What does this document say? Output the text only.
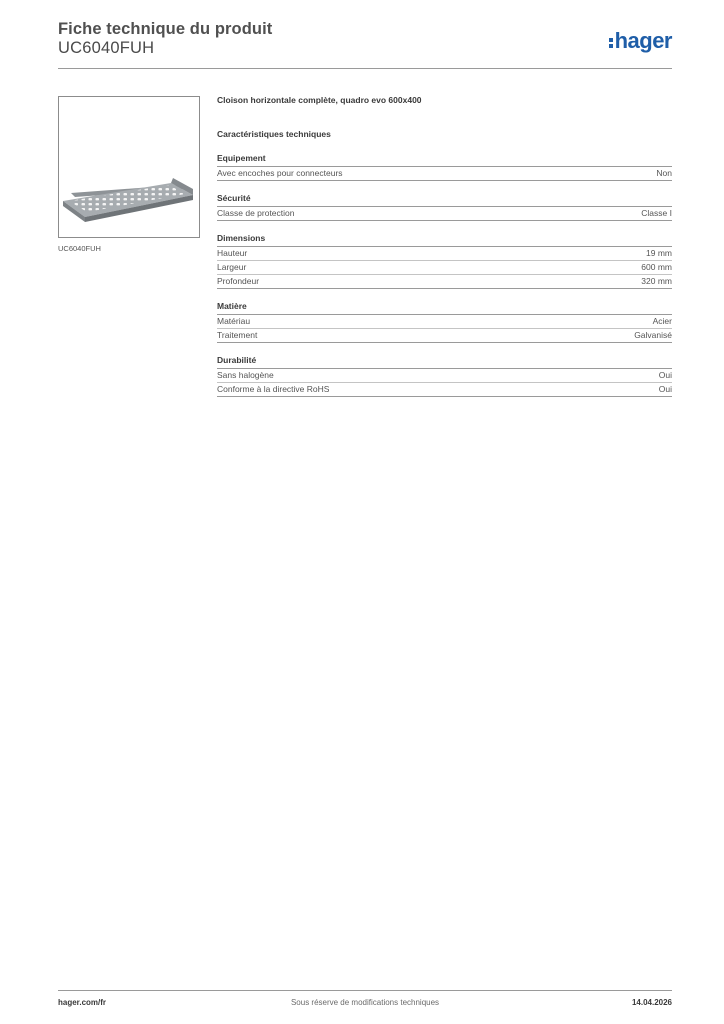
Fiche technique du produit
UC6040FUH	hager
UC6040FUH
Cloison horizontale complète, quadro evo 600x400
Caractéristiques techniques
Equipement
Avec encoches pour connecteurs	Non
Sécurité
Classe de protection	Classe I
Dimensions
Hauteur	19 mm
Largeur	600 mm
Profondeur	320 mm
Matière
Matériau	Acier
Traitement	Galvanisé
Durabilité
Sans halogène	Oui
Conforme à la directive RoHS	Oui
Sous réserve de modifications techniques
hager.com/fr	14.04.2026
